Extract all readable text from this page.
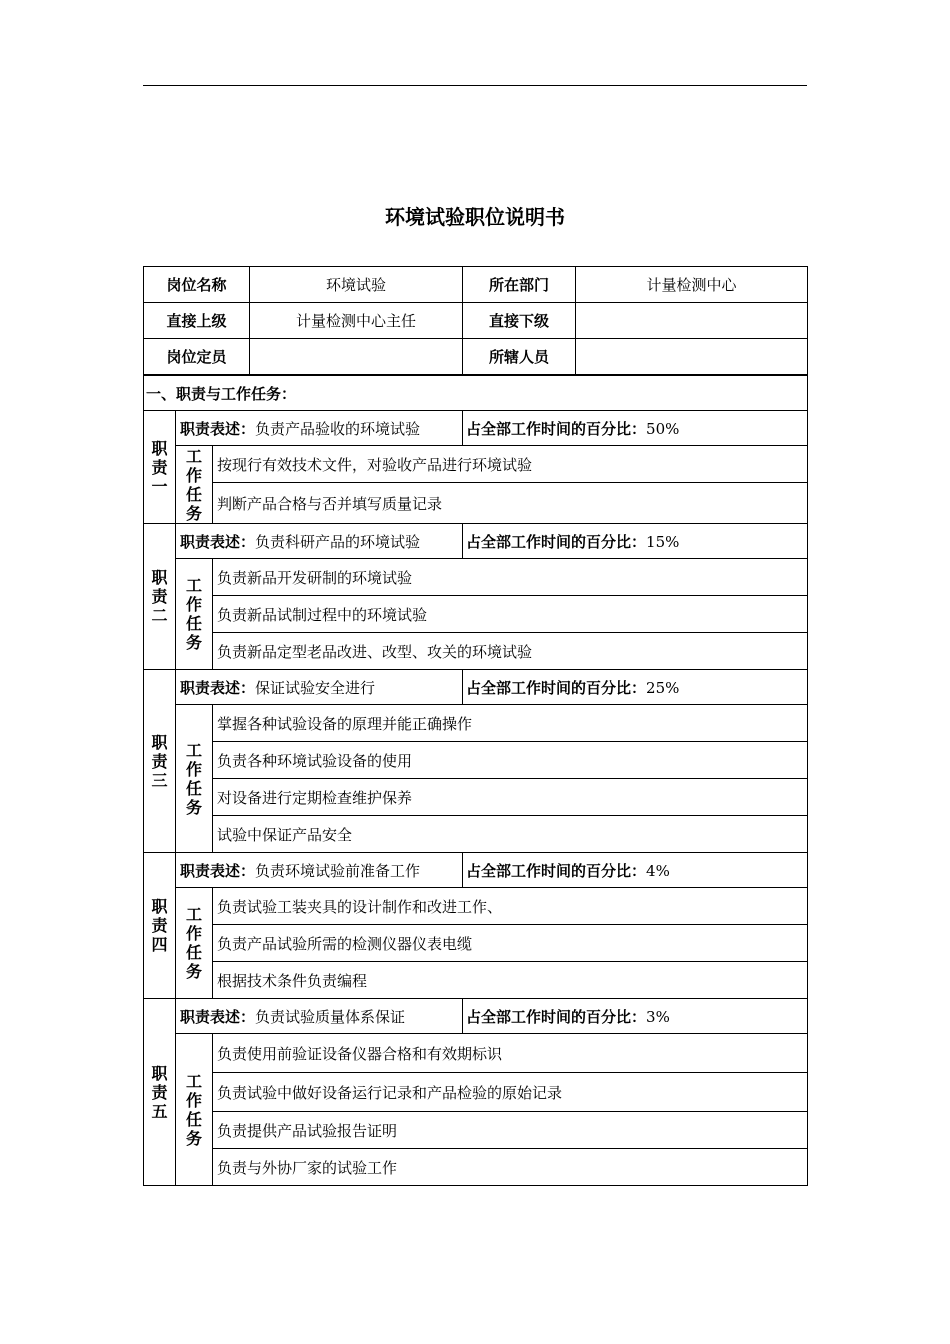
环境试验职位说明书
岗位名称			环境试验	所在部门	计量检测中心
直接上级			计量检测中心主任	直接下级	
岗位定员				所辖人员	
一、职责与工作任务：					

职责一	职责表述：负责产品验收的环境试验			占全部工作时间的百分比：50%	

	工作任务	按现行有效技术文件，对验收产品进行环境试验			
		判断产品合格与否并填写质量记录			

职责二	职责表述：负责科研产品的环境试验			占全部工作时间的百分比：15%	

	工作任务	负责新品开发研制的环境试验			
		负责新品试制过程中的环境试验			
		负责新品定型老品改进、改型、攻关的环境试验			

职责三	职责表述：保证试验安全进行			占全部工作时间的百分比：25%	

	工作任务	掌握各种试验设备的原理并能正确操作			
		负责各种环境试验设备的使用			
		对设备进行定期检查维护保养			
		试验中保证产品安全			

职责四	职责表述：负责环境试验前准备工作			占全部工作时间的百分比：4%	

	工作任务	负责试验工装夹具的设计制作和改进工作、			
		负责产品试验所需的检测仪器仪表电缆			
		根据技术条件负责编程			

职责五	职责表述：负责试验质量体系保证			占全部工作时间的百分比：3%	

	工作任务	负责使用前验证设备仪器合格和有效期标识			
		负责试验中做好设备运行记录和产品检验的原始记录			
		负责提供产品试验报告证明			
		负责与外协厂家的试验工作			
